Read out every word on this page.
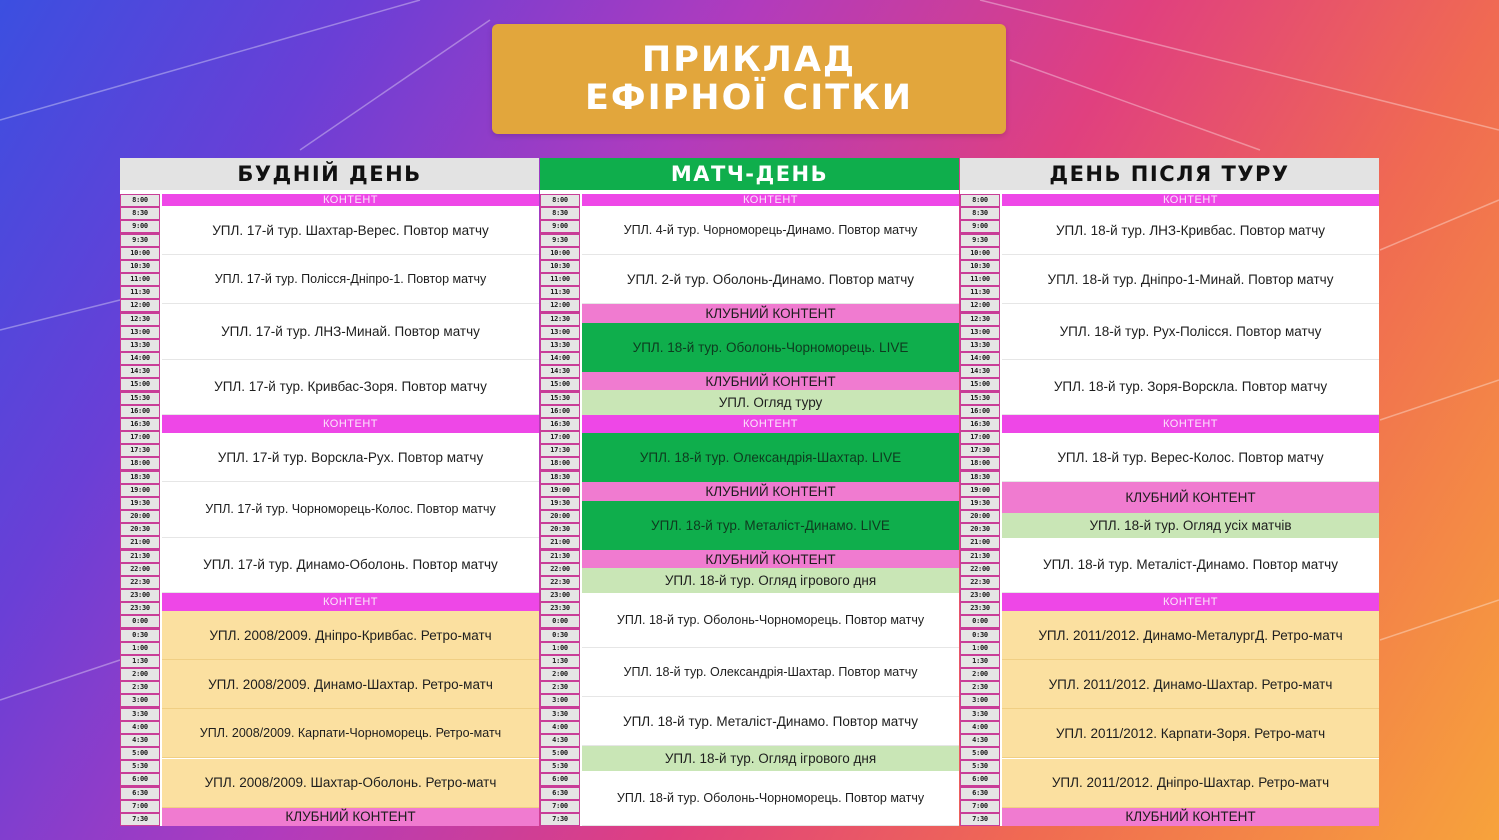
ПРИКЛАД
ЕФІРНОЇ СІТКИ
БУДНІЙ ДЕНЬ
8:00
8:30
9:00
9:30
10:00
10:30
11:00
11:30
12:00
12:30
13:00
13:30
14:00
14:30
15:00
15:30
16:00
16:30
17:00
17:30
18:00
18:30
19:00
19:30
20:00
20:30
21:00
21:30
22:00
22:30
23:00
23:30
0:00
0:30
1:00
1:30
2:00
2:30
3:00
3:30
4:00
4:30
5:00
5:30
6:00
6:30
7:00
7:30
КОНТЕНТ
УПЛ. 17-й тур. Шахтар-Верес. Повтор матчу
УПЛ. 17-й тур. Полісся-Дніпро-1. Повтор матчу
УПЛ. 17-й тур. ЛНЗ-Минай. Повтор матчу
УПЛ. 17-й тур. Кривбас-Зоря. Повтор матчу
КОНТЕНТ
УПЛ. 17-й тур. Ворскла-Рух. Повтор матчу
УПЛ. 17-й тур. Чорноморець-Колос. Повтор матчу
УПЛ. 17-й тур. Динамо-Оболонь. Повтор матчу
КОНТЕНТ
УПЛ. 2008/2009. Дніпро-Кривбас. Ретро-матч
УПЛ. 2008/2009. Динамо-Шахтар. Ретро-матч
УПЛ. 2008/2009. Карпати-Чорноморець. Ретро-матч
УПЛ. 2008/2009. Шахтар-Оболонь. Ретро-матч
КЛУБНИЙ КОНТЕНТ
МАТЧ-ДЕНЬ
8:00
8:30
9:00
9:30
10:00
10:30
11:00
11:30
12:00
12:30
13:00
13:30
14:00
14:30
15:00
15:30
16:00
16:30
17:00
17:30
18:00
18:30
19:00
19:30
20:00
20:30
21:00
21:30
22:00
22:30
23:00
23:30
0:00
0:30
1:00
1:30
2:00
2:30
3:00
3:30
4:00
4:30
5:00
5:30
6:00
6:30
7:00
7:30
КОНТЕНТ
УПЛ. 4-й тур. Чорноморець-Динамо. Повтор матчу
УПЛ. 2-й тур. Оболонь-Динамо. Повтор матчу
КЛУБНИЙ КОНТЕНТ
УПЛ. 18-й тур. Оболонь-Чорноморець. LIVE
КЛУБНИЙ КОНТЕНТ
УПЛ. Огляд туру
КОНТЕНТ
УПЛ. 18-й тур. Олександрія-Шахтар. LIVE
КЛУБНИЙ КОНТЕНТ
УПЛ. 18-й тур. Металіст-Динамо. LIVE
КЛУБНИЙ КОНТЕНТ
УПЛ. 18-й тур. Огляд ігрового дня
УПЛ. 18-й тур. Оболонь-Чорноморець. Повтор матчу
УПЛ. 18-й тур. Олександрія-Шахтар. Повтор матчу
УПЛ. 18-й тур. Металіст-Динамо. Повтор матчу
УПЛ. 18-й тур. Огляд ігрового дня
УПЛ. 18-й тур. Оболонь-Чорноморець. Повтор матчу
ДЕНЬ ПІСЛЯ ТУРУ
8:00
8:30
9:00
9:30
10:00
10:30
11:00
11:30
12:00
12:30
13:00
13:30
14:00
14:30
15:00
15:30
16:00
16:30
17:00
17:30
18:00
18:30
19:00
19:30
20:00
20:30
21:00
21:30
22:00
22:30
23:00
23:30
0:00
0:30
1:00
1:30
2:00
2:30
3:00
3:30
4:00
4:30
5:00
5:30
6:00
6:30
7:00
7:30
КОНТЕНТ
УПЛ. 18-й тур. ЛНЗ-Кривбас. Повтор матчу
УПЛ. 18-й тур. Дніпро-1-Минай. Повтор матчу
УПЛ. 18-й тур. Рух-Полісся. Повтор матчу
УПЛ. 18-й тур. Зоря-Ворскла. Повтор матчу
КОНТЕНТ
УПЛ. 18-й тур. Верес-Колос. Повтор матчу
КЛУБНИЙ КОНТЕНТ
УПЛ. 18-й тур. Огляд усіх матчів
УПЛ. 18-й тур. Металіст-Динамо. Повтор матчу
КОНТЕНТ
УПЛ. 2011/2012. Динамо-МеталургД. Ретро-матч
УПЛ. 2011/2012. Динамо-Шахтар. Ретро-матч
УПЛ. 2011/2012. Карпати-Зоря. Ретро-матч
УПЛ. 2011/2012. Дніпро-Шахтар. Ретро-матч
КЛУБНИЙ КОНТЕНТ
